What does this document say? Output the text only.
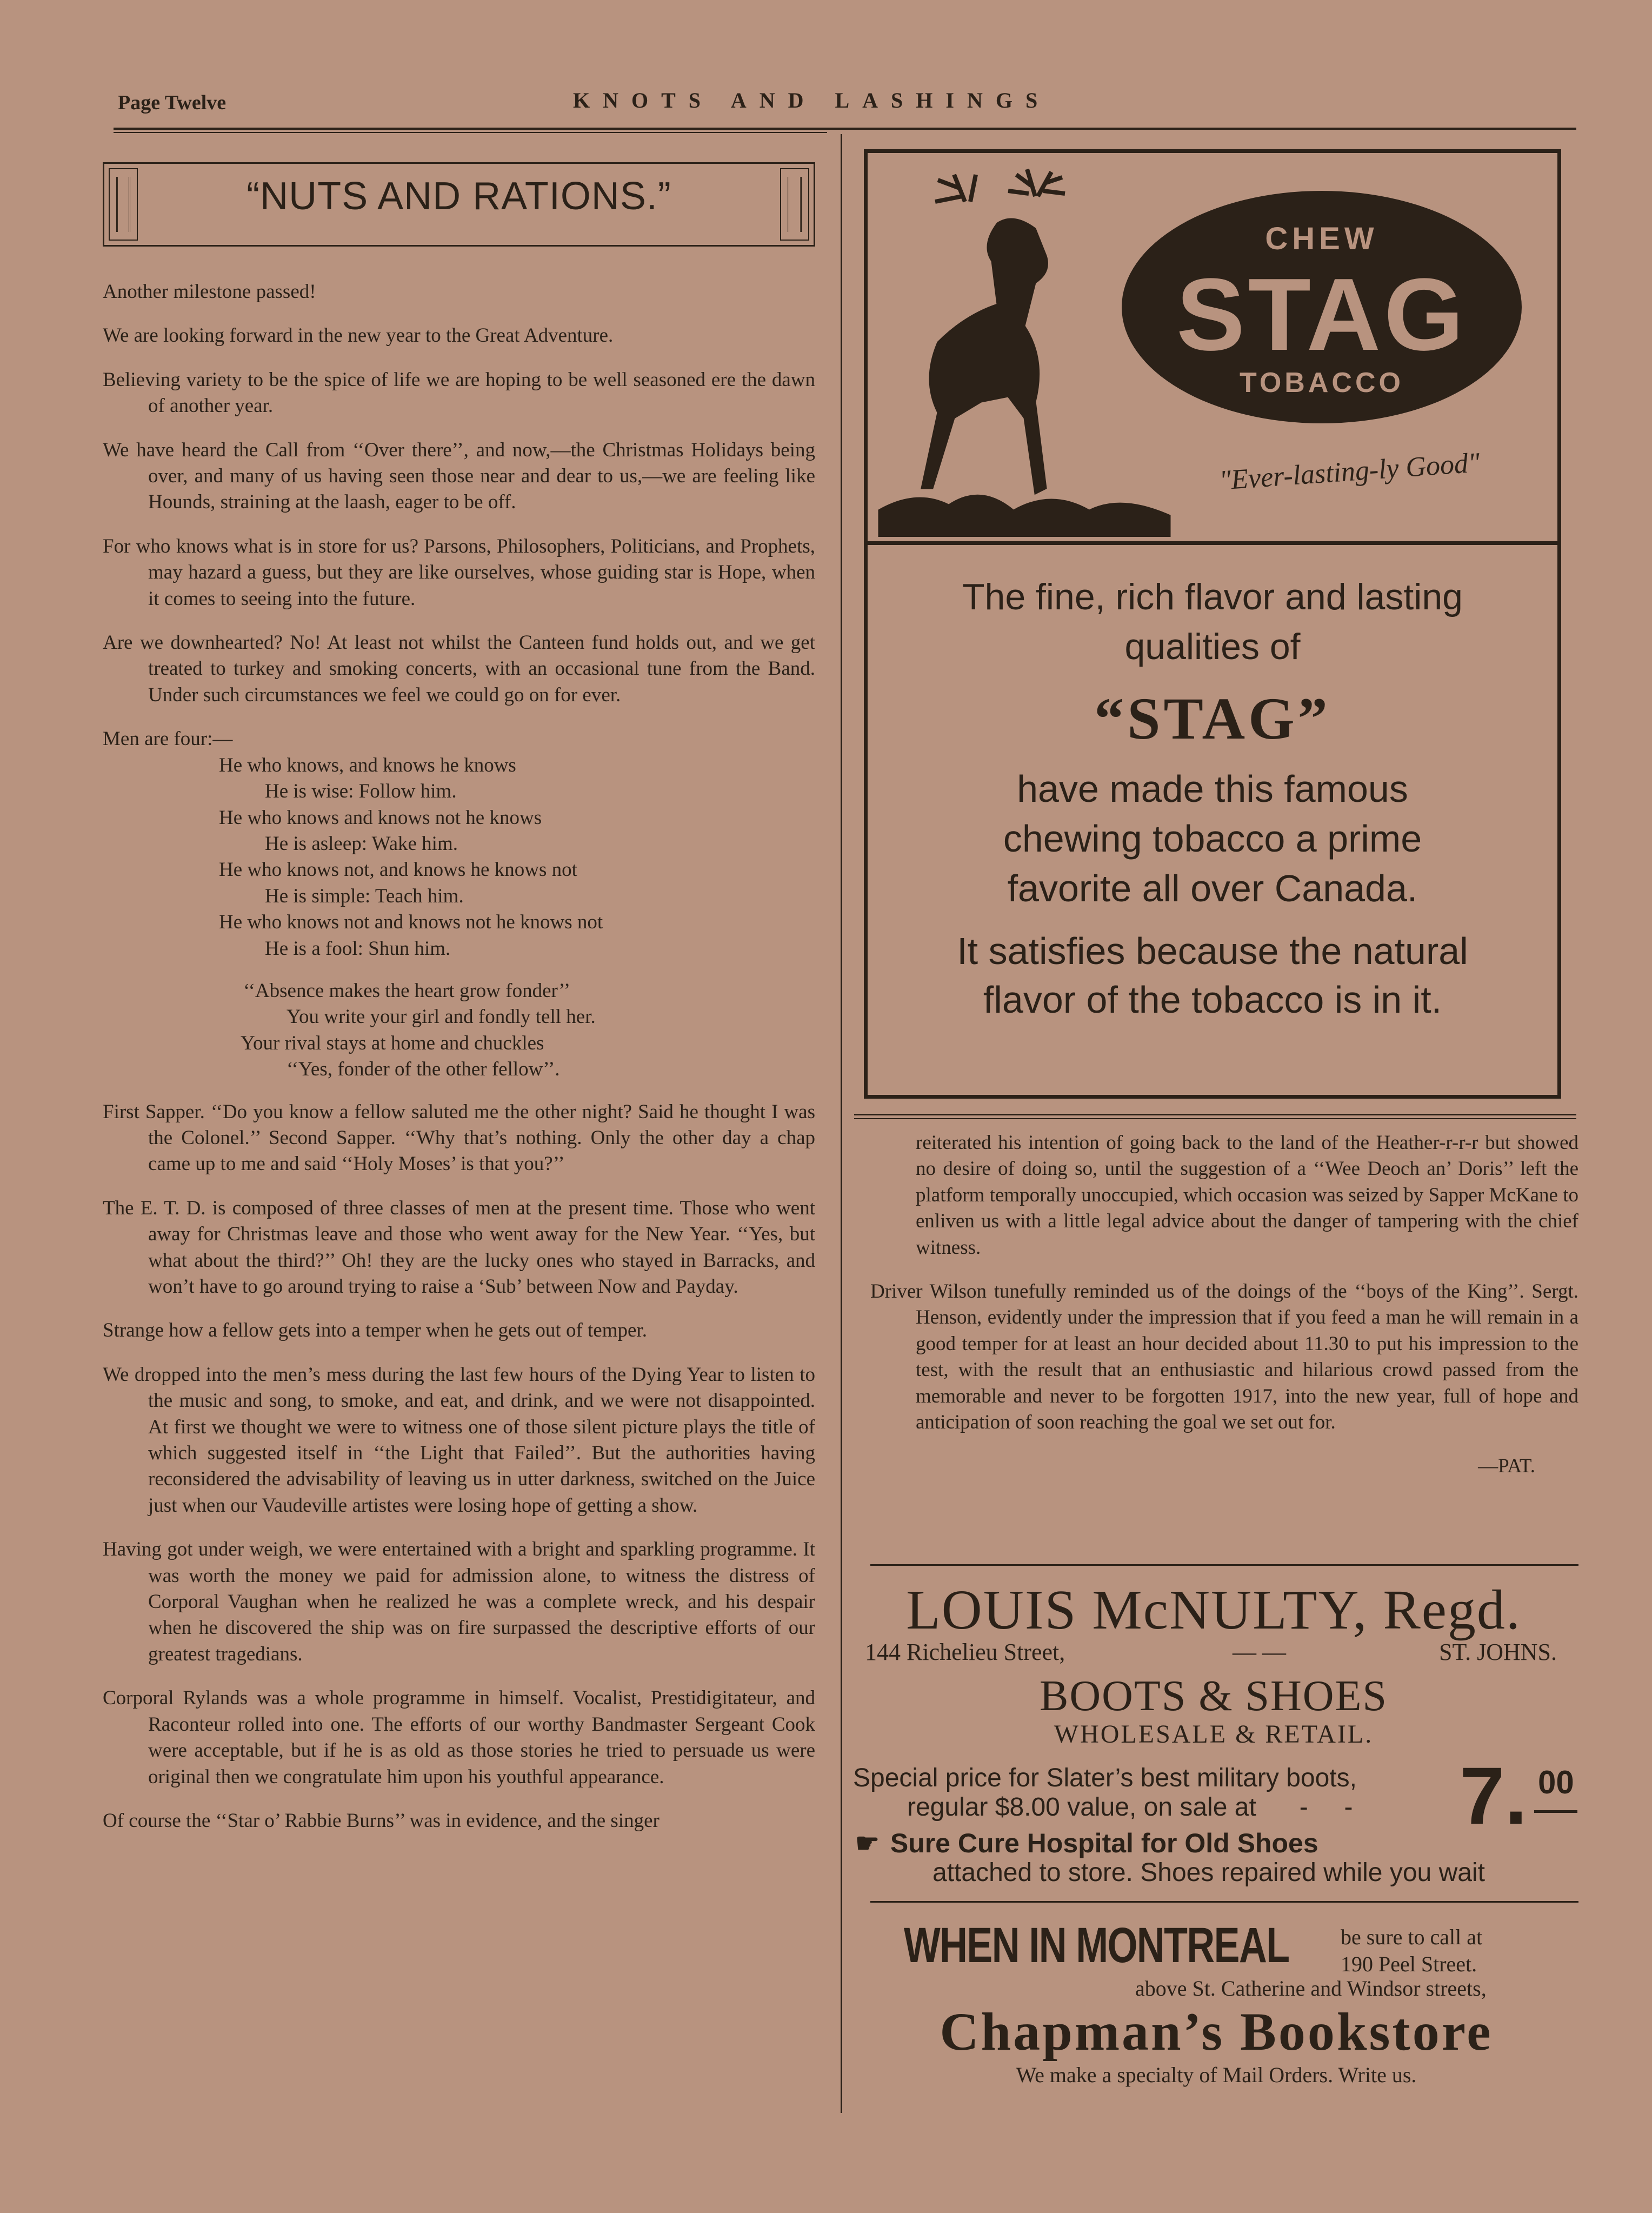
Page Twelve	KNOTS AND LASHINGS
“NUTS AND RATIONS.”

Another milestone passed!

We are looking forward in the new year to the Great Adventure.

Believing variety to be the spice of life we are hoping to be well seasoned ere the dawn of another year.

We have heard the Call from ‘‘Over there’’, and now,—the Christmas Holidays being over, and many of us having seen those near and dear to us,—we are feeling like Hounds, straining at the laash, eager to be off.

For who knows what is in store for us? Parsons, Philosophers, Politicians, and Prophets, may hazard a guess, but they are like ourselves, whose guiding star is Hope, when it comes to seeing into the future.

Are we downhearted? No! At least not whilst the Canteen fund holds out, and we get treated to turkey and smoking concerts, with an occasional tune from the Band. Under such circumstances we feel we could go on for ever.

Men are four:—

He who knows, and knows he knows

He is wise: Follow him.

He who knows and knows not he knows

He is asleep: Wake him.

He who knows not, and knows he knows not

He is simple: Teach him.

He who knows not and knows not he knows not

He is a fool: Shun him.

‘‘Absence makes the heart grow fonder’’

You write your girl and fondly tell her.

Your rival stays at home and chuckles

‘‘Yes, fonder of the other fellow’’.

First Sapper. ‘‘Do you know a fellow saluted me the other night? Said he thought I was the Colonel.’’ Second Sapper. ‘‘Why that’s nothing. Only the other day a chap came up to me and said ‘‘Holy Moses’ is that you?’’

The E. T. D. is composed of three classes of men at the present time. Those who went away for Christmas leave and those who went away for the New Year. ‘‘Yes, but what about the third?’’ Oh! they are the lucky ones who stayed in Barracks, and won’t have to go around trying to raise a ‘Sub’ between Now and Payday.

Strange how a fellow gets into a temper when he gets out of temper.

We dropped into the men’s mess during the last few hours of the Dying Year to listen to the music and song, to smoke, and eat, and drink, and we were not disappointed. At first we thought we were to witness one of those silent picture plays the title of which suggested itself in ‘‘the Light that Failed’’. But the authorities having reconsidered the advisability of leaving us in utter darkness, switched on the Juice just when our Vaudeville artistes were losing hope of getting a show.

Having got under weigh, we were entertained with a bright and sparkling programme. It was worth the money we paid for admission alone, to witness the distress of Corporal Vaughan when he realized he was a complete wreck, and his despair when he discovered the ship was on fire surpassed the descriptive efforts of our greatest tragedians.

Corporal Rylands was a whole programme in himself. Vocalist, Prestidigitateur, and Raconteur rolled into one. The efforts of our worthy Bandmaster Sergeant Cook were acceptable, but if he is as old as those stories he tried to persuade us were original then we congratulate him upon his youthful appearance.

Of course the ‘‘Star o’ Rabbie Burns’’ was in evidence, and the singer

CHEW
STAG
TOBACCO
"Ever-lasting-ly Good"
The fine, rich flavor and lasting
qualities of
“STAG”
have made this famous
chewing tobacco a prime
favorite all over Canada.
It satisfies because the natural
flavor of the tobacco is in it.

reiterated his intention of going back to the land of the Heather-r-r-r but showed no desire of doing so, until the suggestion of a ‘‘Wee Deoch an’ Doris’’ left the platform temporally unoccupied, which occasion was seized by Sapper McKane to enliven us with a little legal advice about the danger of tampering with the chief witness.

Driver Wilson tunefully reminded us of the doings of the ‘‘boys of the King’’. Sergt. Henson, evidently under the impression that if you feed a man he will remain in a good temper for at least an hour decided about 11.30 to put his impression to the test, with the result that an enthusiastic and hilarious crowd passed from the memorable and never to be forgotten 1917, into the new year, full of hope and anticipation of soon reaching the goal we set out for.

—PAT.
LOUIS McNULTY, Regd.
144 Richelieu Street,	— —	ST. JOHNS.
BOOTS & SHOES
WHOLESALE & RETAIL.
Special price for Slater’s best military boots,
regular $8.00 value, on sale at      -     - 7. 00
☛ Sure Cure Hospital for Old Shoes
attached to store. Shoes repaired while you wait
WHEN IN MONTREAL be sure to call at
190 Peel Street.
above St. Catherine and Windsor streets,
Chapman’s Bookstore
We make a specialty of Mail Orders. Write us.
